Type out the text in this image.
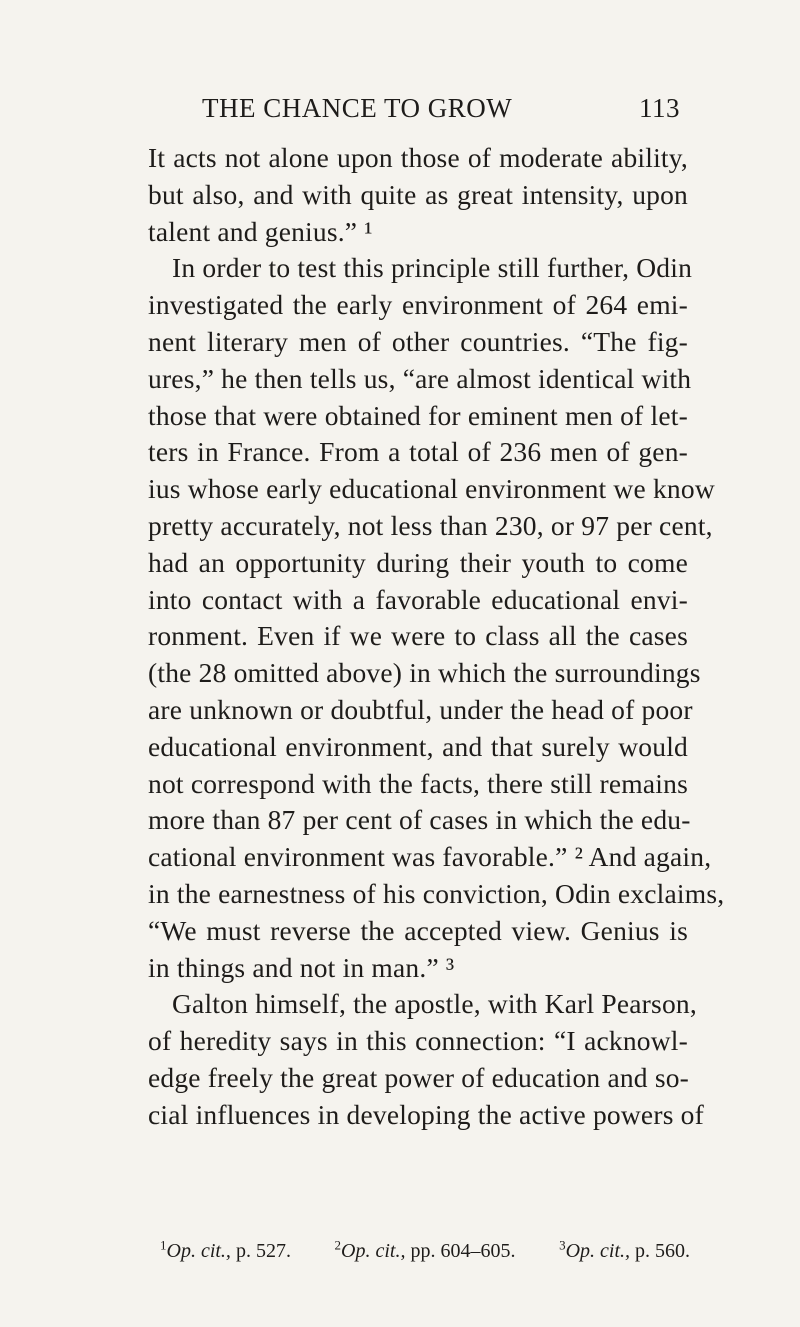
THE CHANCE TO GROW	113
It acts not alone upon those of moderate ability,
but also, and with quite as great intensity, upon
talent and genius.” ¹
In order to test this principle still further, Odin
investigated the early environment of 264 emi-
nent literary men of other countries. “The fig-
ures,” he then tells us, “are almost identical with
those that were obtained for eminent men of let-
ters in France. From a total of 236 men of gen-
ius whose early educational environment we know
pretty accurately, not less than 230, or 97 per cent,
had an opportunity during their youth to come
into contact with a favorable educational envi-
ronment. Even if we were to class all the cases
(the 28 omitted above) in which the surroundings
are unknown or doubtful, under the head of poor
educational environment, and that surely would
not correspond with the facts, there still remains
more than 87 per cent of cases in which the edu-
cational environment was favorable.” ² And again,
in the earnestness of his conviction, Odin exclaims,
“We must reverse the accepted view. Genius is
in things and not in man.” ³
Galton himself, the apostle, with Karl Pearson,
of heredity says in this connection: “I acknowl-
edge freely the great power of education and so-
cial influences in developing the active powers of
$^1$Op. cit., p. 527.	$^2$Op. cit., pp. 604–605.	$^3$Op. cit., p. 560.
